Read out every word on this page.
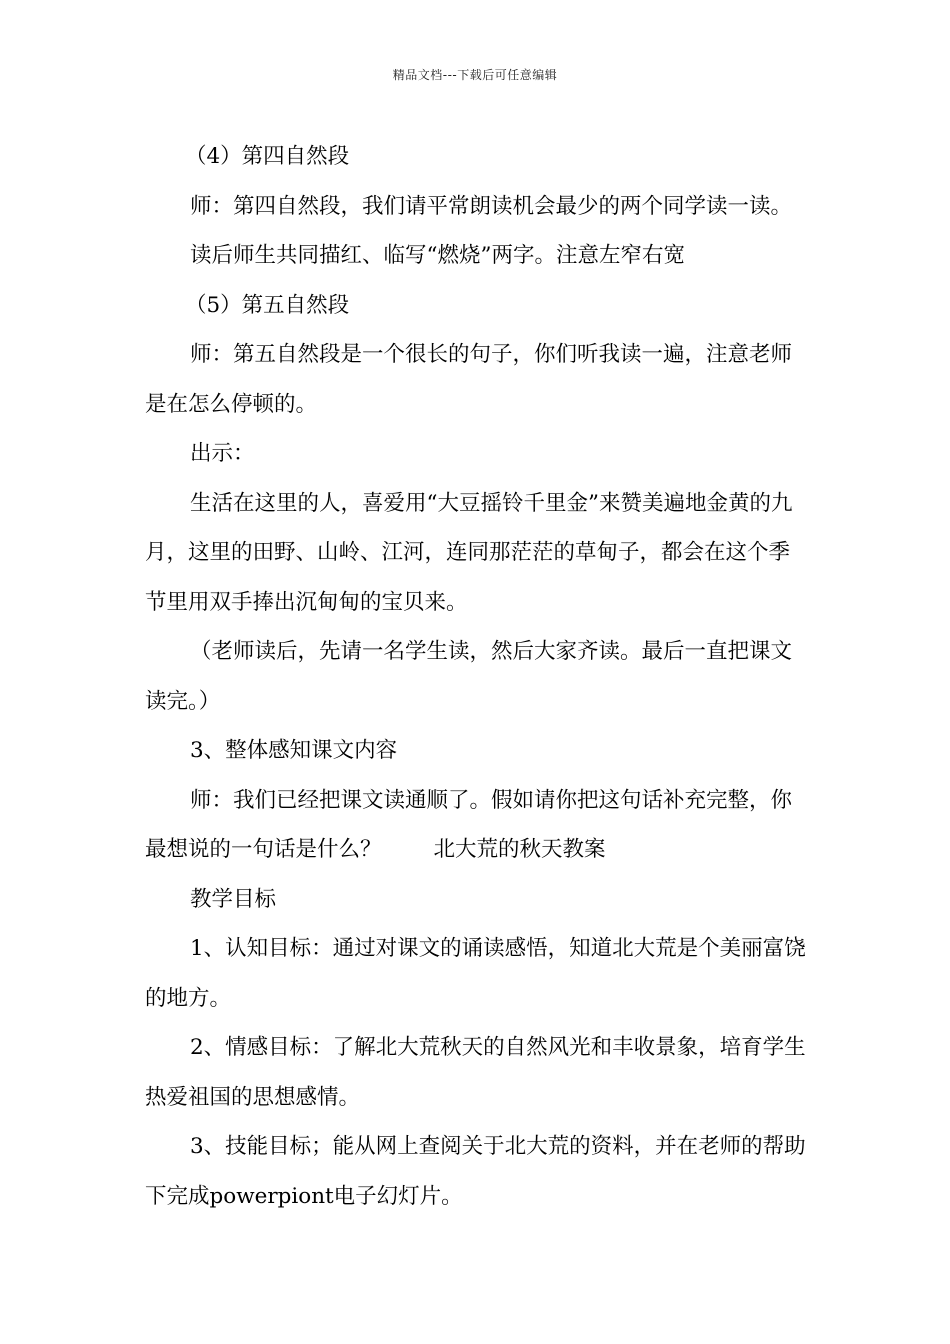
精品文档---下载后可任意编辑

（4）第四自然段

师：第四自然段，我们请平常朗读机会最少的两个同学读一读。

读后师生共同描红、临写“燃烧”两字。注意左窄右宽

（5）第五自然段

师：第五自然段是一个很长的句子，你们听我读一遍，注意老师是在怎么停顿的。

出示：

生活在这里的人，喜爱用“大豆摇铃千里金”来赞美遍地金黄的九月，这里的田野、山岭、江河，连同那茫茫的草甸子，都会在这个季节里用双手捧出沉甸甸的宝贝来。

（老师读后，先请一名学生读，然后大家齐读。最后一直把课文读完。）

3、整体感知课文内容

师：我们已经把课文读通顺了。假如请你把这句话补充完整，你最想说的一句话是什么？ 北大荒的秋天教案

教学目标

1、认知目标：通过对课文的诵读感悟，知道北大荒是个美丽富饶的地方。

2、情感目标：了解北大荒秋天的自然风光和丰收景象，培育学生热爱祖国的思想感情。

3、技能目标；能从网上查阅关于北大荒的资料，并在老师的帮助下完成powerpiont电子幻灯片。
